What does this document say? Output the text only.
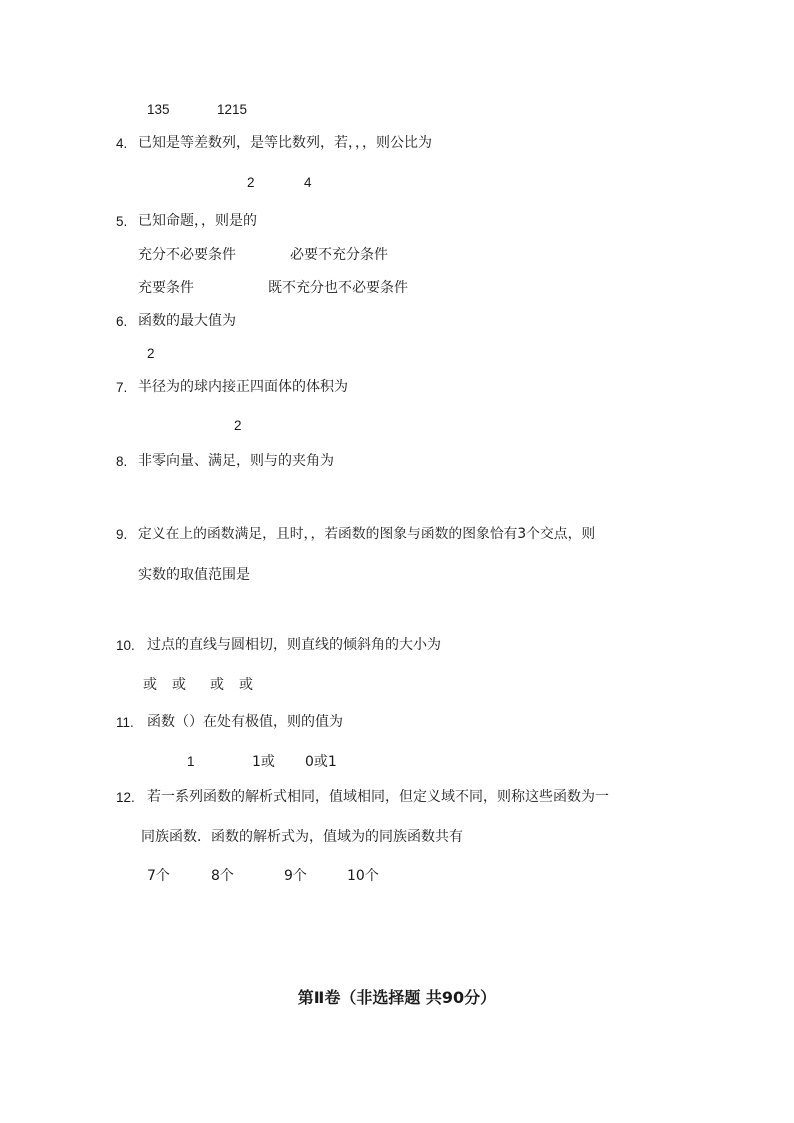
135	1215
4. 已知是等差数列，是等比数列，若，，，则公比为
2	4
5. 已知命题，，则是的
充分不必要条件	必要不充分条件
充要条件	既不充分也不必要条件
6. 函数的最大值为
2
7. 半径为的球内接正四面体的体积为
2
8. 非零向量、满足，则与的夹角为
9. 定义在上的函数满足，且时，，若函数的图象与函数的图象恰有3个交点，则
实数的取值范围是
10. 过点的直线与圆相切，则直线的倾斜角的大小为
或 或 或 或
11. 函数（）在处有极值，则的值为
1	1或 0或1
12. 若一系列函数的解析式相同，值域相同，但定义域不同，则称这些函数为一
同族函数．函数的解析式为，值域为的同族函数共有
7个	8个	9个	10个
第Ⅱ卷（非选择题 共90分）
